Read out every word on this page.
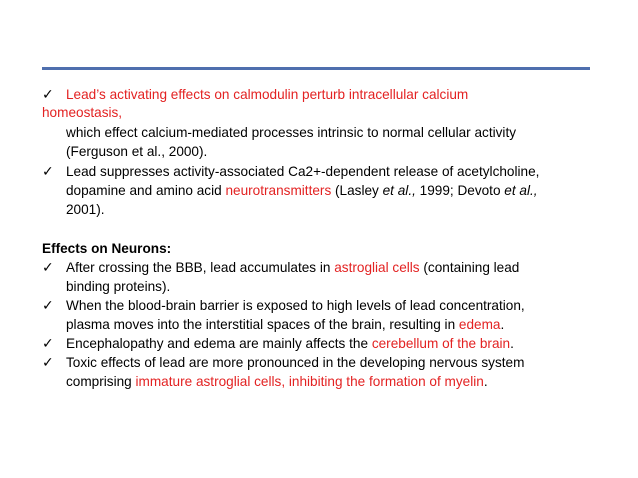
✓ Lead’s activating effects on calmodulin perturb intracellular calcium
homeostasis,
which effect calcium-mediated processes intrinsic to normal cellular activity
(Ferguson et al., 2000).
✓ Lead suppresses activity-associated Ca2+-dependent release of acetylcholine,
dopamine and amino acid neurotransmitters (Lasley et al., 1999; Devoto et al.,
2001).
Effects on Neurons:
✓ After crossing the BBB, lead accumulates in astroglial cells (containing lead
binding proteins).
✓ When the blood-brain barrier is exposed to high levels of lead concentration,
plasma moves into the interstitial spaces of the brain, resulting in edema.
✓ Encephalopathy and edema are mainly affects the cerebellum of the brain.
✓ Toxic effects of lead are more pronounced in the developing nervous system
comprising immature astroglial cells, inhibiting the formation of myelin.
